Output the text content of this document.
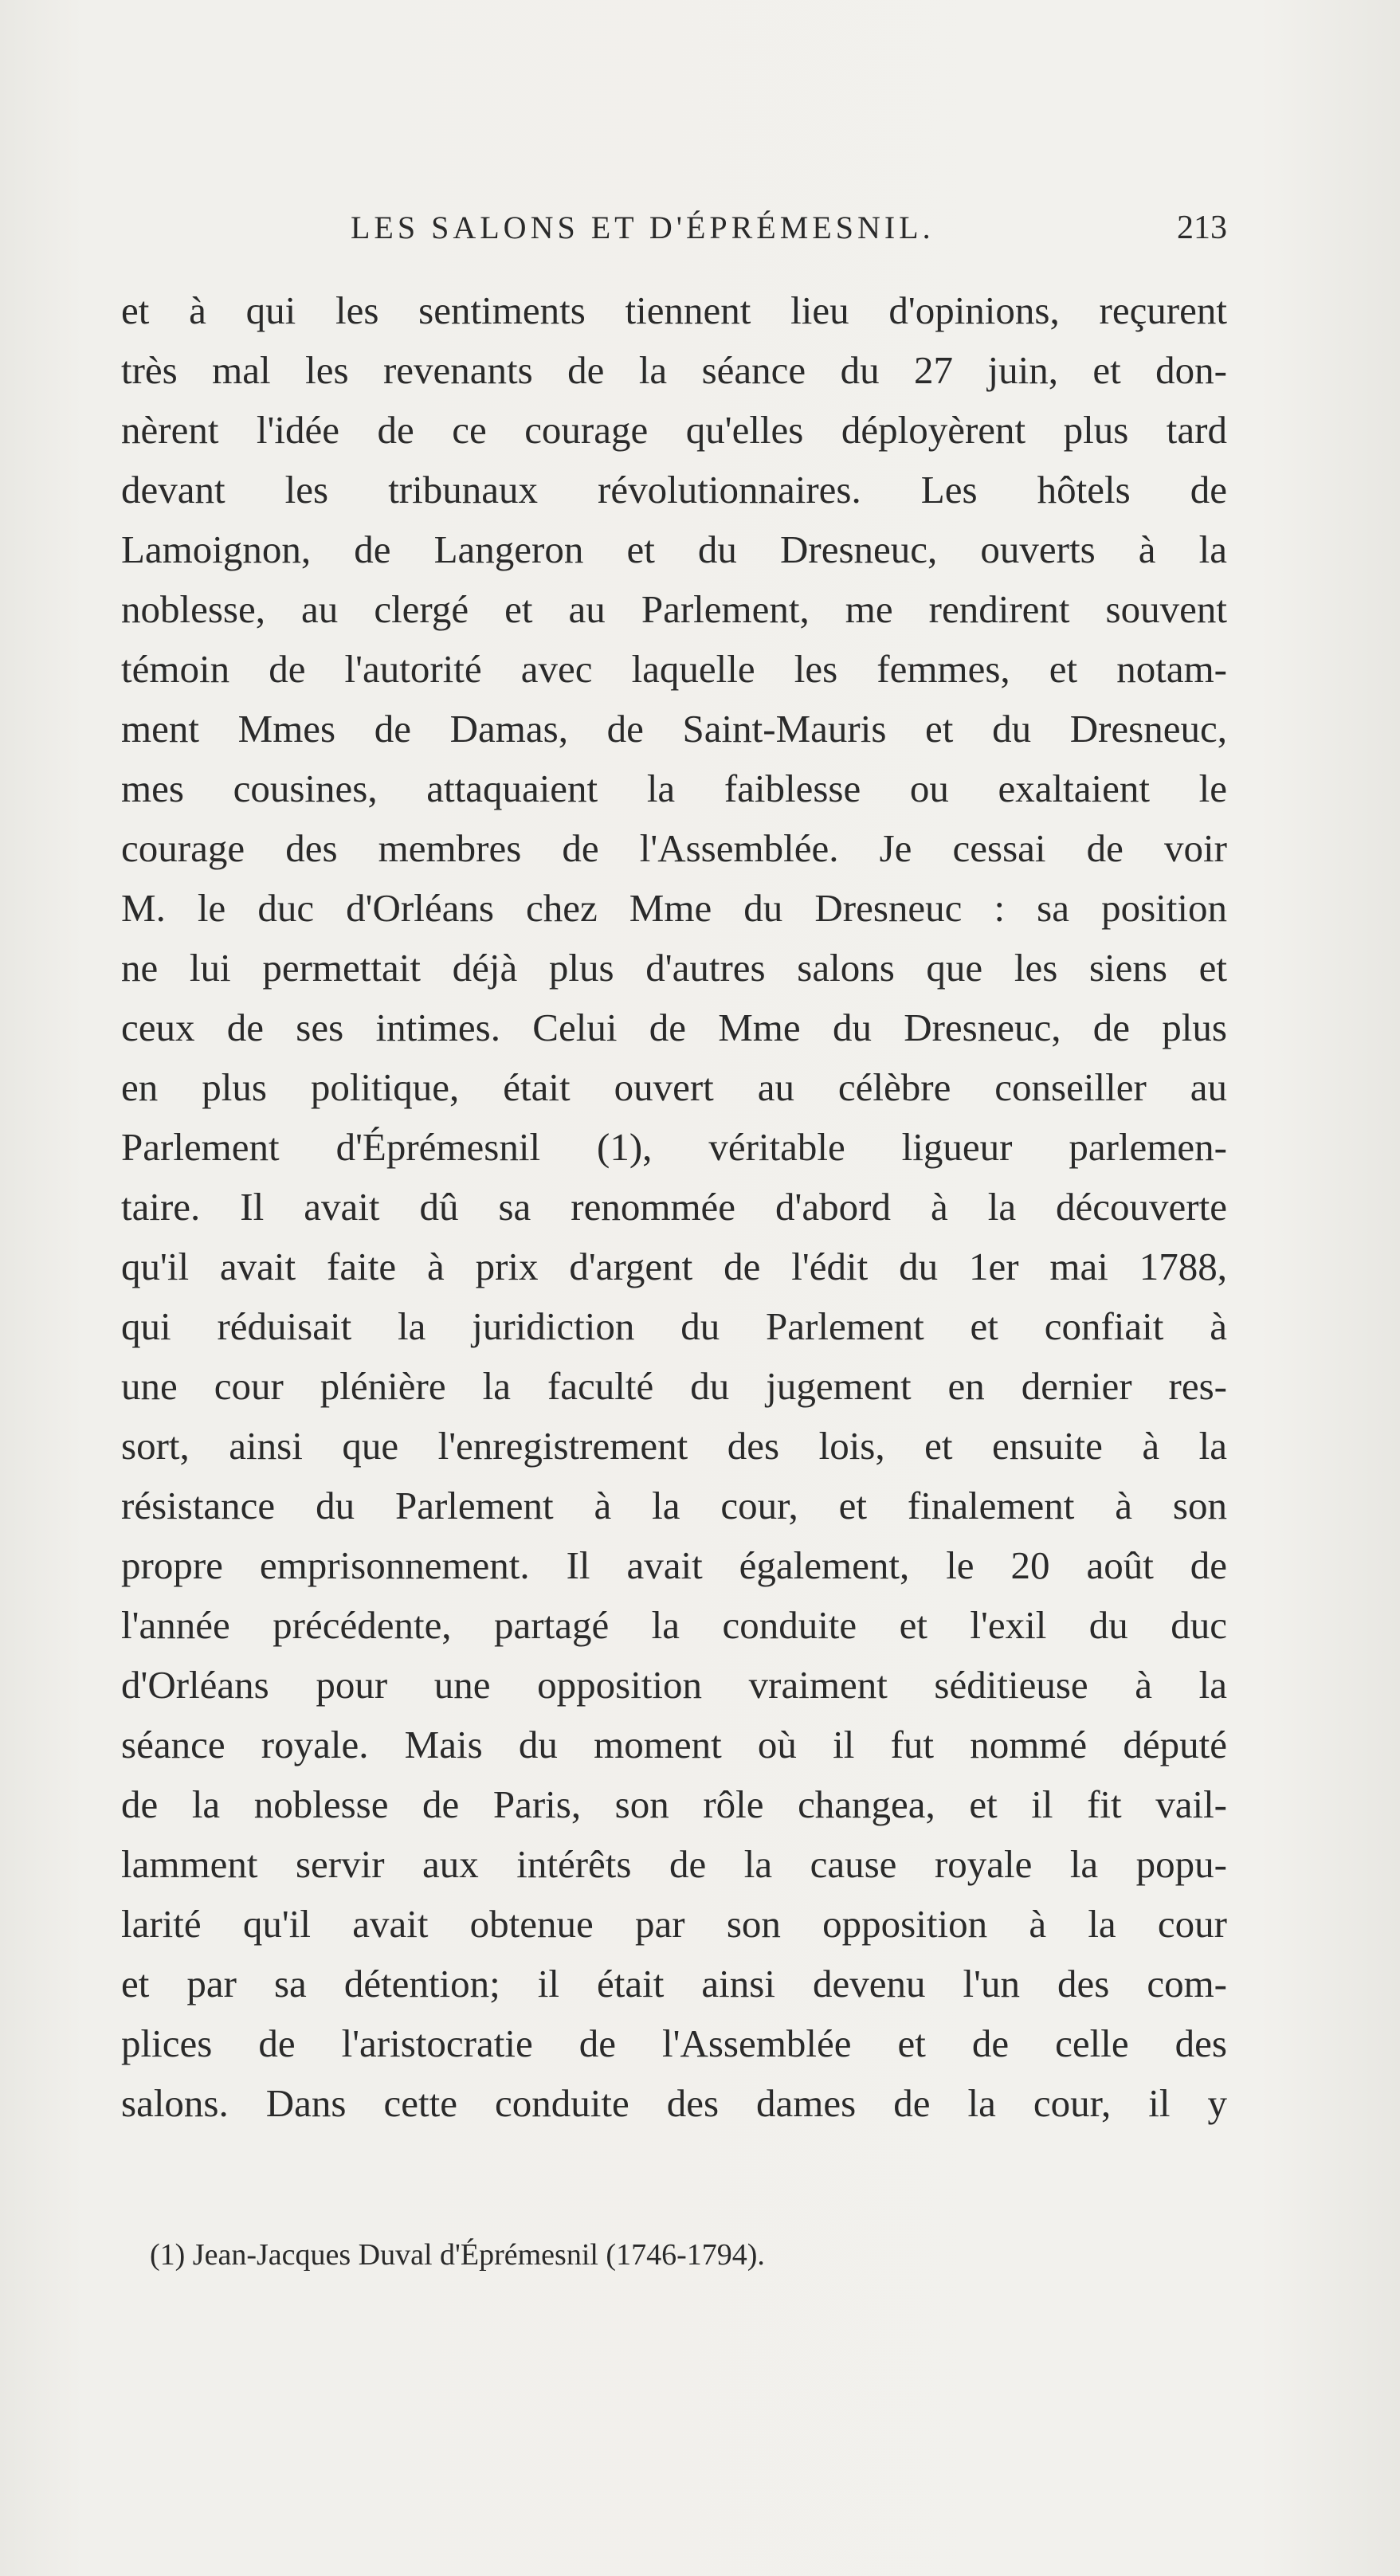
LES SALONS ET D'ÉPRÉMESNIL.	213
et à qui les sentiments tiennent lieu d'opinions, reçurent
très mal les revenants de la séance du 27 juin, et don-
nèrent l'idée de ce courage qu'elles déployèrent plus tard
devant les tribunaux révolutionnaires. Les hôtels de
Lamoignon, de Langeron et du Dresneuc, ouverts à la
noblesse, au clergé et au Parlement, me rendirent souvent
témoin de l'autorité avec laquelle les femmes, et notam-
ment Mmes de Damas, de Saint-Mauris et du Dresneuc,
mes cousines, attaquaient la faiblesse ou exaltaient le
courage des membres de l'Assemblée. Je cessai de voir
M. le duc d'Orléans chez Mme du Dresneuc : sa position
ne lui permettait déjà plus d'autres salons que les siens et
ceux de ses intimes. Celui de Mme du Dresneuc, de plus
en plus politique, était ouvert au célèbre conseiller au
Parlement d'Éprémesnil (1), véritable ligueur parlemen-
taire. Il avait dû sa renommée d'abord à la découverte
qu'il avait faite à prix d'argent de l'édit du 1er mai 1788,
qui réduisait la juridiction du Parlement et confiait à
une cour plénière la faculté du jugement en dernier res-
sort, ainsi que l'enregistrement des lois, et ensuite à la
résistance du Parlement à la cour, et finalement à son
propre emprisonnement. Il avait également, le 20 août de
l'année précédente, partagé la conduite et l'exil du duc
d'Orléans pour une opposition vraiment séditieuse à la
séance royale. Mais du moment où il fut nommé député
de la noblesse de Paris, son rôle changea, et il fit vail-
lamment servir aux intérêts de la cause royale la popu-
larité qu'il avait obtenue par son opposition à la cour
et par sa détention; il était ainsi devenu l'un des com-
plices de l'aristocratie de l'Assemblée et de celle des
salons. Dans cette conduite des dames de la cour, il y
(1) Jean-Jacques Duval d'Éprémesnil (1746-1794).
